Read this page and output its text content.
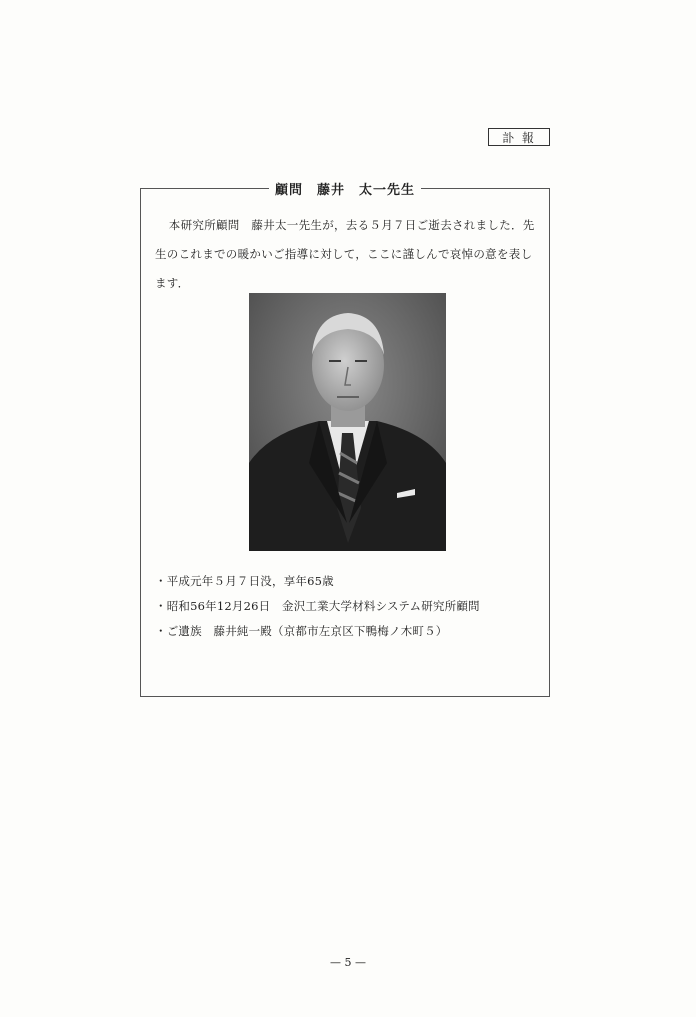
訃 報
顧問　藤井　太一先生

本研究所顧問　藤井太一先生が，去る５月７日ご逝去されました．先生のこれまでの暖かいご指導に対して，ここに謹しんで哀悼の意を表します．

・平成元年５月７日没，享年65歳
・昭和56年12月26日　金沢工業大学材料システム研究所顧問
・ご遺族　藤井純一殿（京都市左京区下鴨梅ノ木町５）
— 5 —
